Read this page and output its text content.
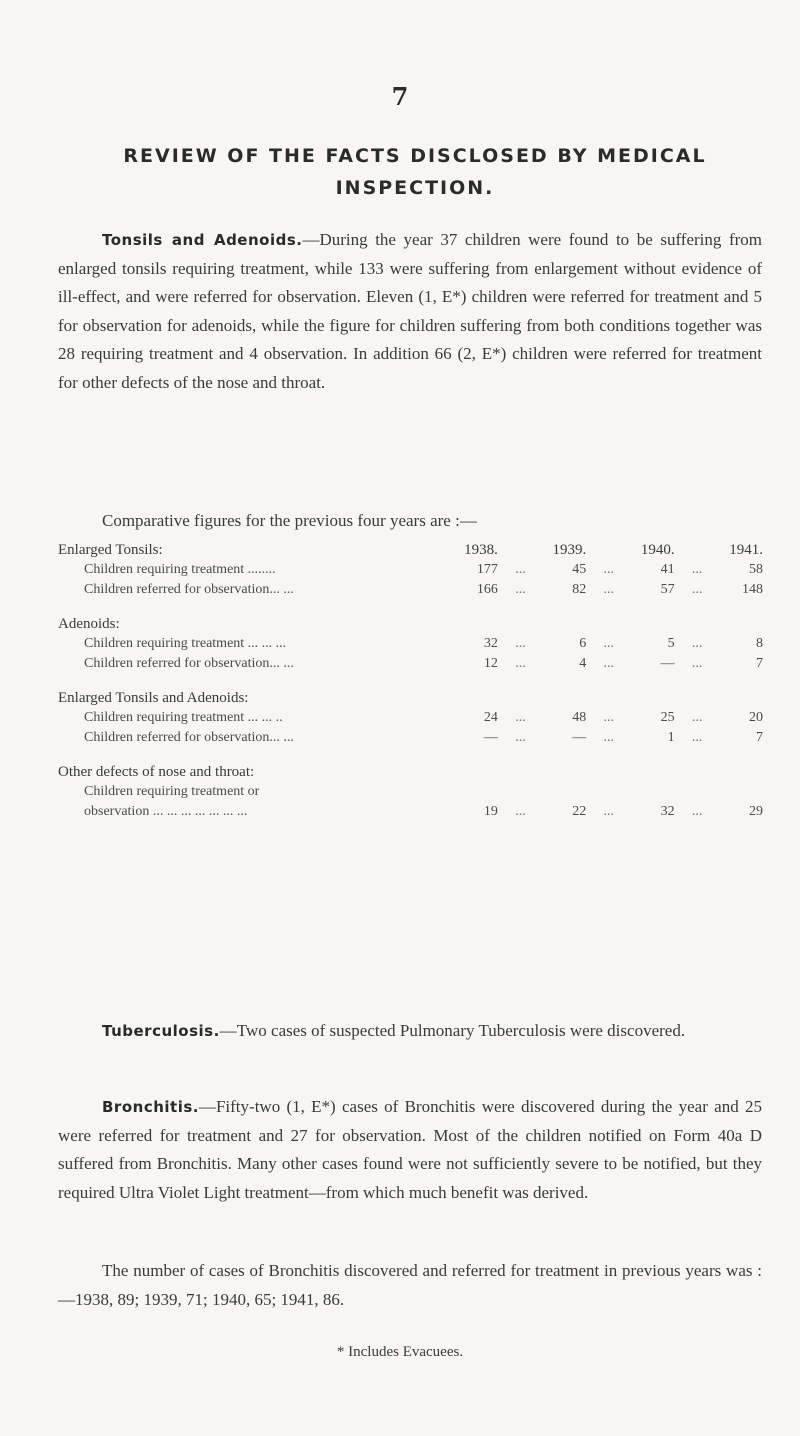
7
REVIEW OF THE FACTS DISCLOSED BY MEDICAL INSPECTION.

Tonsils and Adenoids.—During the year 37 children were found to be suffering from enlarged tonsils requiring treatment, while 133 were suffering from enlargement without evidence of ill-effect, and were referred for observation. Eleven (1, E*) children were referred for treatment and 5 for observation for adenoids, while the figure for children suffering from both conditions together was 28 requiring treatment and 4 observation. In addition 66 (2, E*) children were referred for treatment for other defects of the nose and throat.

Comparative figures for the previous four years are :—
Enlarged Tonsils:	1938.		1939.		1940.		1941.
Children requiring treatment ........	177	...	45	...	41	...	58
Children referred for observation... ...	166	...	82	...	57	...	148

Adenoids:							
Children requiring treatment ... ... ...	32	...	6	...	5	...	8
Children referred for observation... ...	12	...	4	...	—	...	7

Enlarged Tonsils and Adenoids:							
Children requiring treatment ... ... ..	24	...	48	...	25	...	20
Children referred for observation... ...	—	...	—	...	1	...	7

Other defects of nose and throat:							
Children requiring treatment or							
observation ... ... ... ... ... ... ...	19	...	22	...	32	...	29

Tuberculosis.—Two cases of suspected Pulmonary Tuberculosis were discovered.

Bronchitis.—Fifty-two (1, E*) cases of Bronchitis were discovered during the year and 25 were referred for treatment and 27 for observation. Most of the children notified on Form 40a D suffered from Bronchitis. Many other cases found were not sufficiently severe to be notified, but they required Ultra Violet Light treatment—from which much benefit was derived.

The number of cases of Bronchitis discovered and referred for treatment in previous years was :—1938, 89; 1939, 71; 1940, 65; 1941, 86.

* Includes Evacuees.
